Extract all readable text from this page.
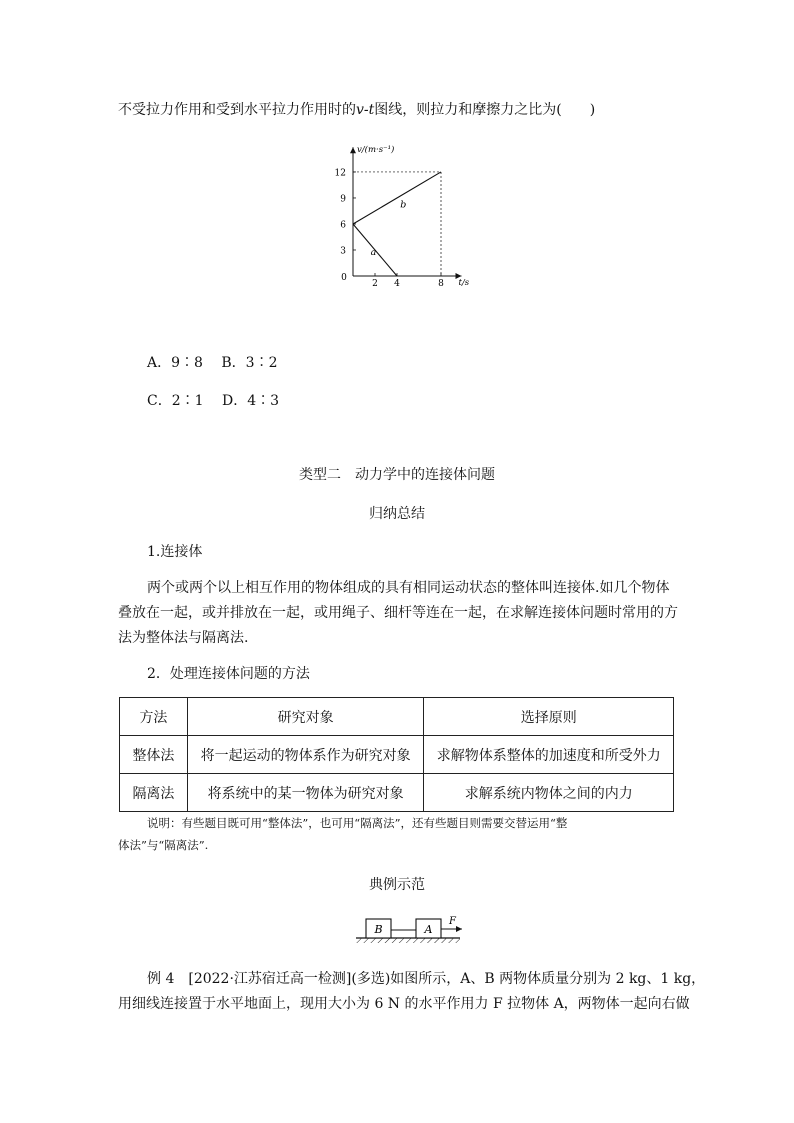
不受拉力作用和受到水平拉力作用时的v-t图线，则拉力和摩擦力之比为(　　)
v/(m·s⁻¹)
t/s
0
2 4	8
3
6
9
12
a
b
A．9∶8　 B．3∶2
C．2∶1　 D．4∶3
类型二　动力学中的连接体问题
归纳总结
1.连接体
两个或两个以上相互作用的物体组成的具有相同运动状态的整体叫连接体.如几个物体
叠放在一起，或并排放在一起，或用绳子、细杆等连在一起，在求解连接体问题时常用的方
法为整体法与隔离法.
2．处理连接体问题的方法
方法	研究对象	选择原则
整体法	将一起运动的物体系作为研究对象	求解物体系整体的加速度和所受外力
隔离法	将系统中的某一物体为研究对象	求解系统内物体之间的内力
说明：有些题目既可用“整体法”，也可用“隔离法”，还有些题目则需要交替运用“整
体法”与“隔离法”.
典例示范
B	A
F
例 4　[2022·江苏宿迁高一检测](多选)如图所示，A、B 两物体质量分别为 2 kg、1 kg，
用细线连接置于水平地面上，现用大小为 6 N 的水平作用力 F 拉物体 A，两物体一起向右做
